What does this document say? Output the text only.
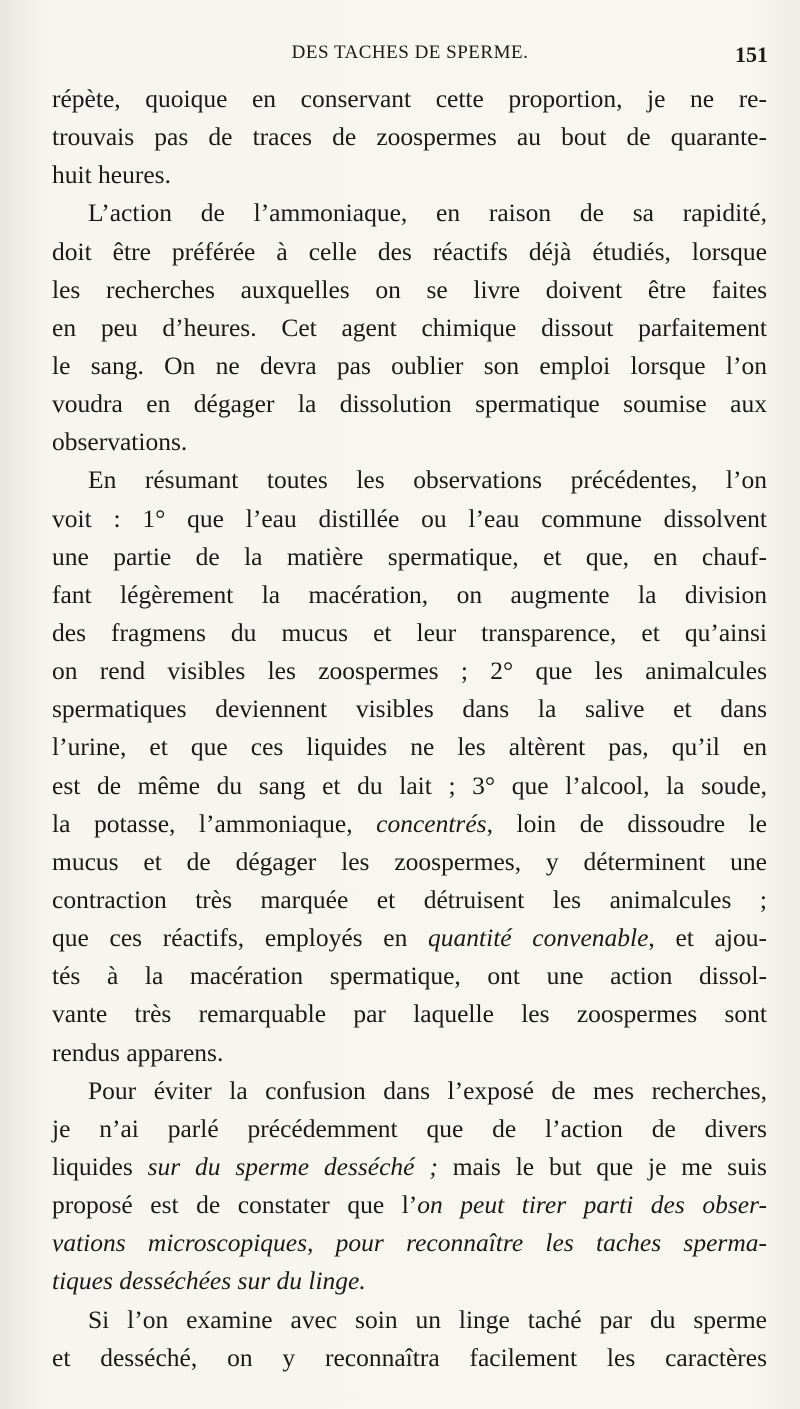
DES TACHES DE SPERME.	151
répète, quoique en conservant cette proportion, je ne re-
trouvais pas de traces de zoospermes au bout de quarante-
huit heures.
L’action de l’ammoniaque, en raison de sa rapidité,
doit être préférée à celle des réactifs déjà étudiés, lorsque
les recherches auxquelles on se livre doivent être faites
en peu d’heures. Cet agent chimique dissout parfaitement
le sang. On ne devra pas oublier son emploi lorsque l’on
voudra en dégager la dissolution spermatique soumise aux
observations.
En résumant toutes les observations précédentes, l’on
voit : 1° que l’eau distillée ou l’eau commune dissolvent
une partie de la matière spermatique, et que, en chauf-
fant légèrement la macération, on augmente la division
des fragmens du mucus et leur transparence, et qu’ainsi
on rend visibles les zoospermes ; 2° que les animalcules
spermatiques deviennent visibles dans la salive et dans
l’urine, et que ces liquides ne les altèrent pas, qu’il en
est de même du sang et du lait ; 3° que l’alcool, la soude,
la potasse, l’ammoniaque, concentrés, loin de dissoudre le
mucus et de dégager les zoospermes, y déterminent une
contraction très marquée et détruisent les animalcules ;
que ces réactifs, employés en quantité convenable, et ajou-
tés à la macération spermatique, ont une action dissol-
vante très remarquable par laquelle les zoospermes sont
rendus apparens.
Pour éviter la confusion dans l’exposé de mes recherches,
je n’ai parlé précédemment que de l’action de divers
liquides sur du sperme desséché ; mais le but que je me suis
proposé est de constater que l’on peut tirer parti des obser-
vations microscopiques, pour reconnaître les taches sperma-
tiques desséchées sur du linge.
Si l’on examine avec soin un linge taché par du sperme
et desséché, on y reconnaîtra facilement les caractères
